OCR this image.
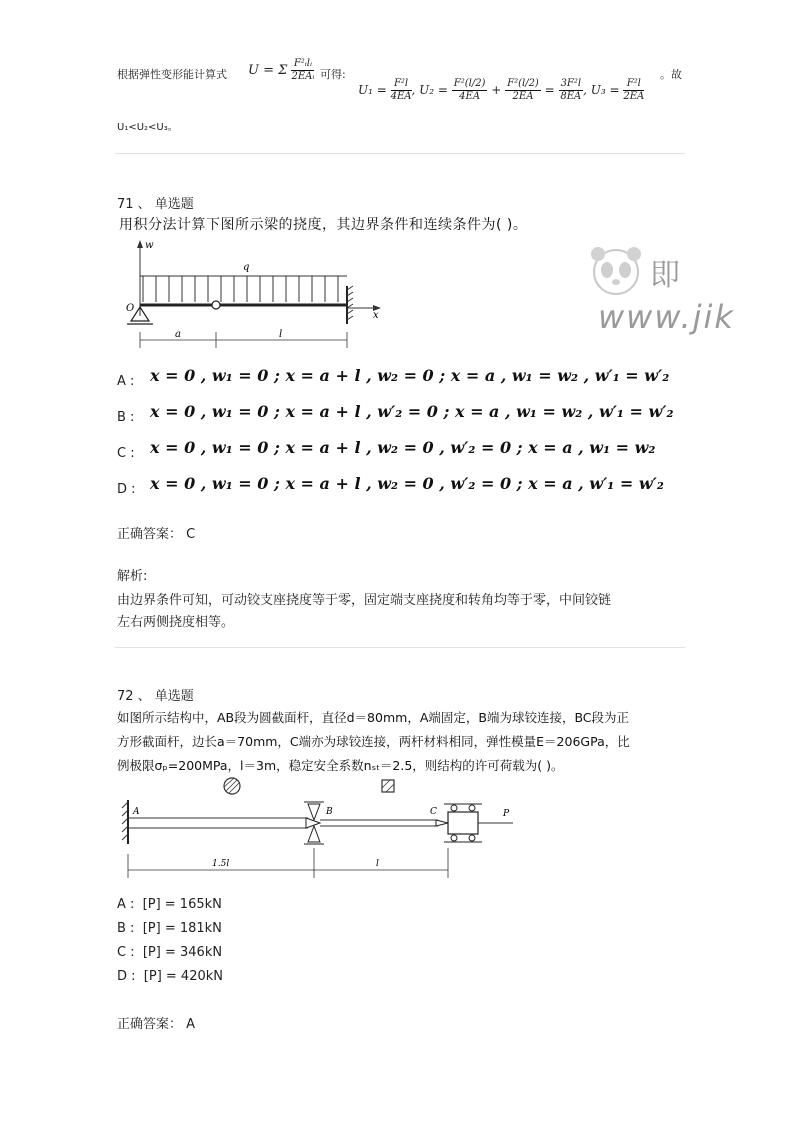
根据弹性变形能计算式 U = Σ $\frac{\text{F²ᵢlᵢ}}{\text{2EAᵢ}}$ 可得:
$U_1 = \frac{\text{F²l}}{4EA}$ , $U_2 = \frac{\text{F²(l/2)}}{4EA} + \frac{\text{F²(l/2)}}{2EA} = \frac{\text{3F²l}}{8EA}$ , $U_3 = \frac{\text{F²l}}{2EA}$
。故
U₁<U₂<U₃。
71 、 单选题
用积分法计算下图所示梁的挠度，其边界条件和连续条件为( )。
w
q
x
O
a	l
即
www.jik
A : x = 0 , w₁ = 0 ; x = a + l , w₂ = 0 ; x = a , w₁ = w₂ , w′₁ = w′₂
B : x = 0 , w₁ = 0 ; x = a + l , w′₂ = 0 ; x = a , w₁ = w₂ , w′₁ = w′₂
C : x = 0 , w₁ = 0 ; x = a + l , w₂ = 0 , w′₂ = 0 ; x = a , w₁ = w₂
D : x = 0 , w₁ = 0 ; x = a + l , w₂ = 0 , w′₂ = 0 ; x = a , w′₁ = w′₂
正确答案： C
解析:
由边界条件可知，可动铰支座挠度等于零，固定端支座挠度和转角均等于零，中间铰链
左右两侧挠度相等。
72 、 单选题
如图所示结构中，AB段为圆截面杆，直径d＝80mm，A端固定，B端为球铰连接，BC段为正
方形截面杆，边长a＝70mm，C端亦为球铰连接，两杆材料相同，弹性模量E＝206GPa，比
例极限σₚ=200MPa，l＝3m，稳定安全系数nₛₜ＝2.5，则结构的许可荷载为( )。
A	B	C	P
1.5l	l
A : [P] = 165kN
B : [P] = 181kN
C : [P] = 346kN
D : [P] = 420kN
正确答案： A
